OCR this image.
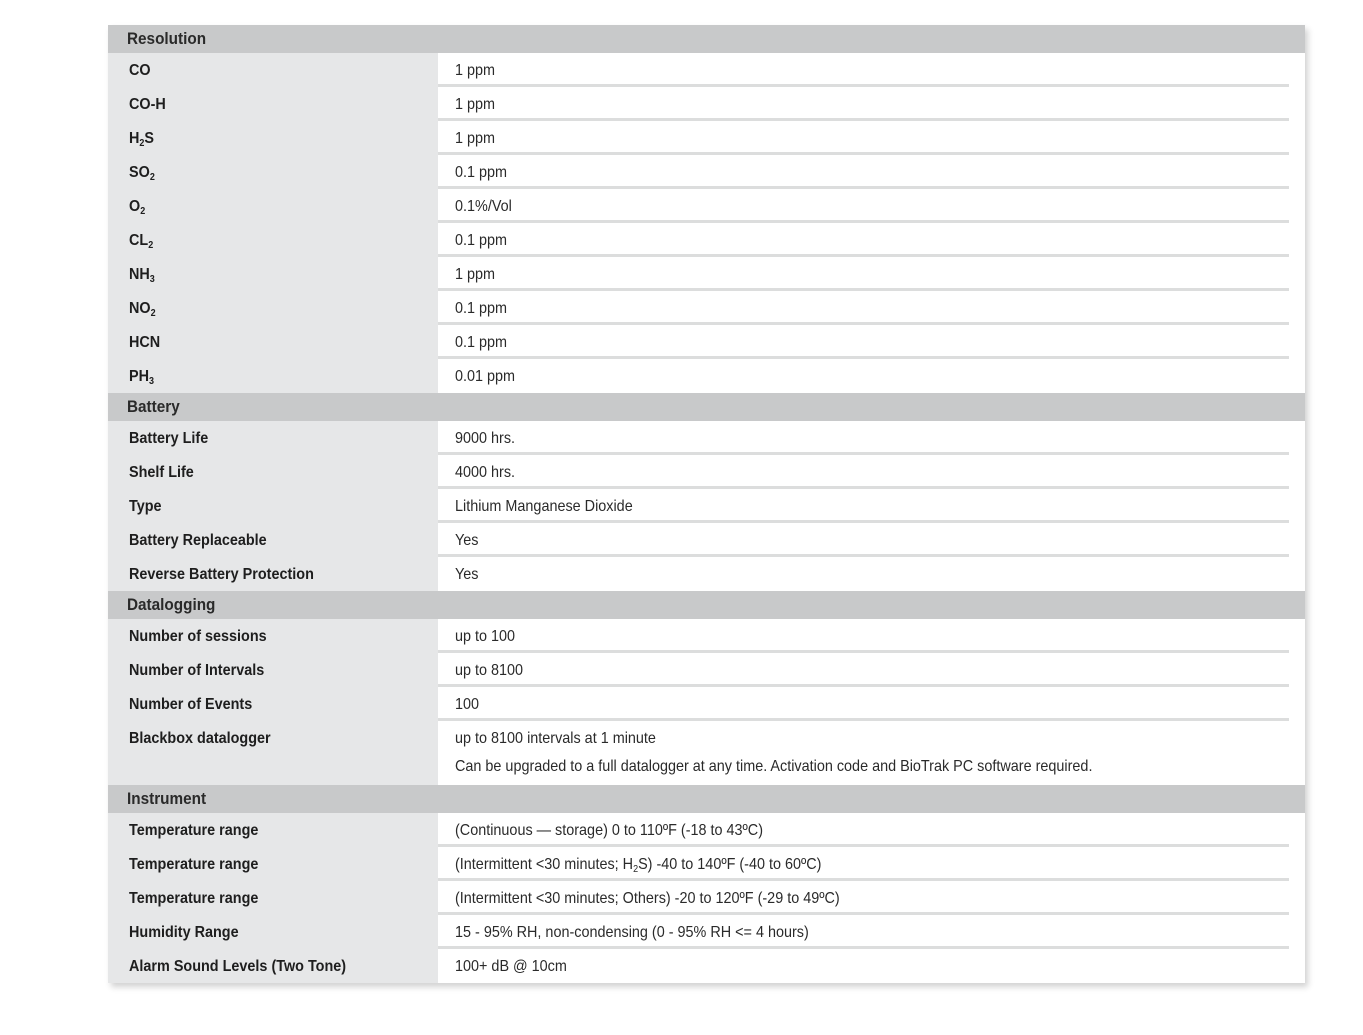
Resolution
CO	1 ppm
CO-H	1 ppm
$H_2S$	1 ppm
$SO_2$	0.1 ppm
$O_2$	0.1%/Vol
$CL_2$	0.1 ppm
$NH_3$	1 ppm
$NO_2$	0.1 ppm
HCN	0.1 ppm
$PH_3$	0.01 ppm
Battery
Battery Life	9000 hrs.
Shelf Life	4000 hrs.
Type	Lithium Manganese Dioxide
Battery Replaceable	Yes
Reverse Battery Protection	Yes
Datalogging
Number of sessions	up to 100
Number of Intervals	up to 8100
Number of Events	100
Blackbox datalogger	up to 8100 intervals at 1 minute
Can be upgraded to a full datalogger at any time. Activation code and BioTrak PC software required.
Instrument
Temperature range	(Continuous — storage) 0 to 110ºF (-18 to 43ºC)
Temperature range	(Intermittent <30 minutes; H2S) -40 to 140ºF (-40 to 60ºC)
Temperature range	(Intermittent <30 minutes; Others) -20 to 120ºF (-29 to 49ºC)
Humidity Range	15 - 95% RH, non-condensing (0 - 95% RH <= 4 hours)
Alarm Sound Levels (Two Tone)	100+ dB @ 10cm
